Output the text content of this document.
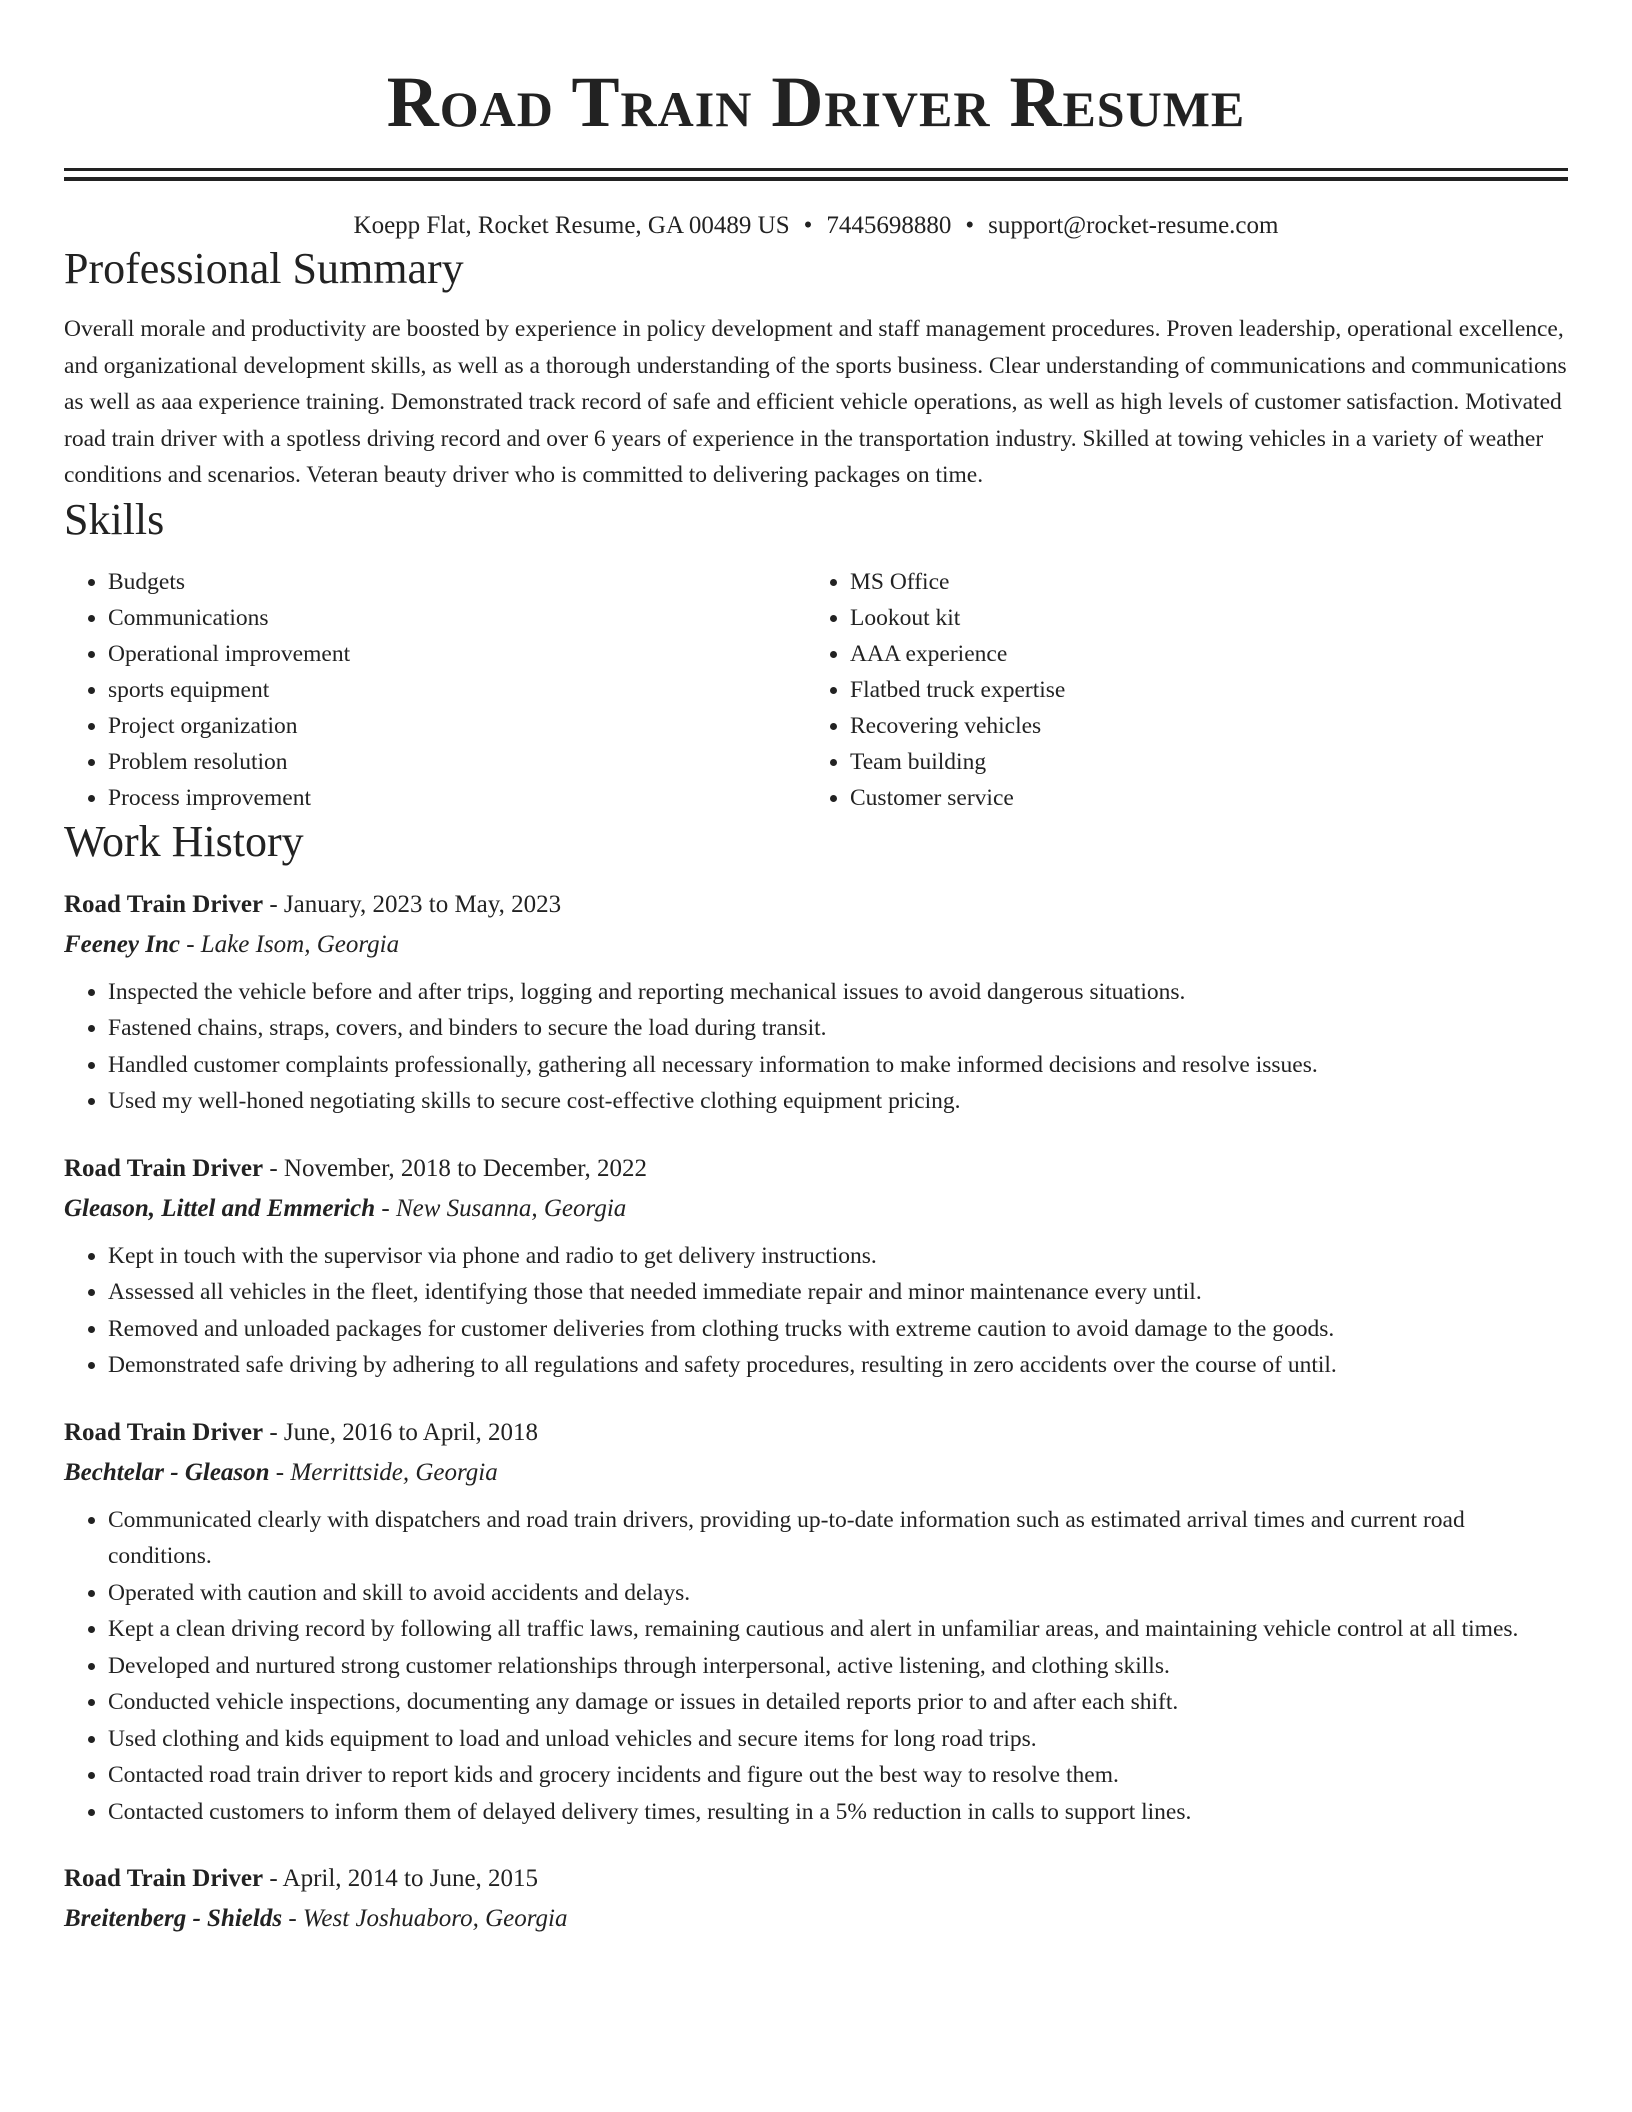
Road Train Driver Resume
Koepp Flat, Rocket Resume, GA 00489 US • 7445698880 • support@rocket-resume.com
Professional Summary

Overall morale and productivity are boosted by experience in policy development and staff management procedures. Proven leadership, operational excellence, and organizational development skills, as well as a thorough understanding of the sports business. Clear understanding of communications and communications as well as aaa experience training. Demonstrated track record of safe and efficient vehicle operations, as well as high levels of customer satisfaction. Motivated road train driver with a spotless driving record and over 6 years of experience in the transportation industry. Skilled at towing vehicles in a variety of weather conditions and scenarios. Veteran beauty driver who is committed to delivering packages on time.

Skills
• Budgets
• Communications
• Operational improvement
• sports equipment
• Project organization
• Problem resolution
• Process improvement
• MS Office
• Lookout kit
• AAA experience
• Flatbed truck expertise
• Recovering vehicles
• Team building
• Customer service
Work History

Road Train Driver - January, 2023 to May, 2023

Feeney Inc - Lake Isom, Georgia

• Inspected the vehicle before and after trips, logging and reporting mechanical issues to avoid dangerous situations.
• Fastened chains, straps, covers, and binders to secure the load during transit.
• Handled customer complaints professionally, gathering all necessary information to make informed decisions and resolve issues.
• Used my well-honed negotiating skills to secure cost-effective clothing equipment pricing.

Road Train Driver - November, 2018 to December, 2022

Gleason, Littel and Emmerich - New Susanna, Georgia

• Kept in touch with the supervisor via phone and radio to get delivery instructions.
• Assessed all vehicles in the fleet, identifying those that needed immediate repair and minor maintenance every until.
• Removed and unloaded packages for customer deliveries from clothing trucks with extreme caution to avoid damage to the goods.
• Demonstrated safe driving by adhering to all regulations and safety procedures, resulting in zero accidents over the course of until.

Road Train Driver - June, 2016 to April, 2018

Bechtelar - Gleason - Merrittside, Georgia

• Communicated clearly with dispatchers and road train drivers, providing up-to-date information such as estimated arrival times and current road conditions.
• Operated with caution and skill to avoid accidents and delays.
• Kept a clean driving record by following all traffic laws, remaining cautious and alert in unfamiliar areas, and maintaining vehicle control at all times.
• Developed and nurtured strong customer relationships through interpersonal, active listening, and clothing skills.
• Conducted vehicle inspections, documenting any damage or issues in detailed reports prior to and after each shift.
• Used clothing and kids equipment to load and unload vehicles and secure items for long road trips.
• Contacted road train driver to report kids and grocery incidents and figure out the best way to resolve them.
• Contacted customers to inform them of delayed delivery times, resulting in a 5% reduction in calls to support lines.

Road Train Driver - April, 2014 to June, 2015

Breitenberg - Shields - West Joshuaboro, Georgia
